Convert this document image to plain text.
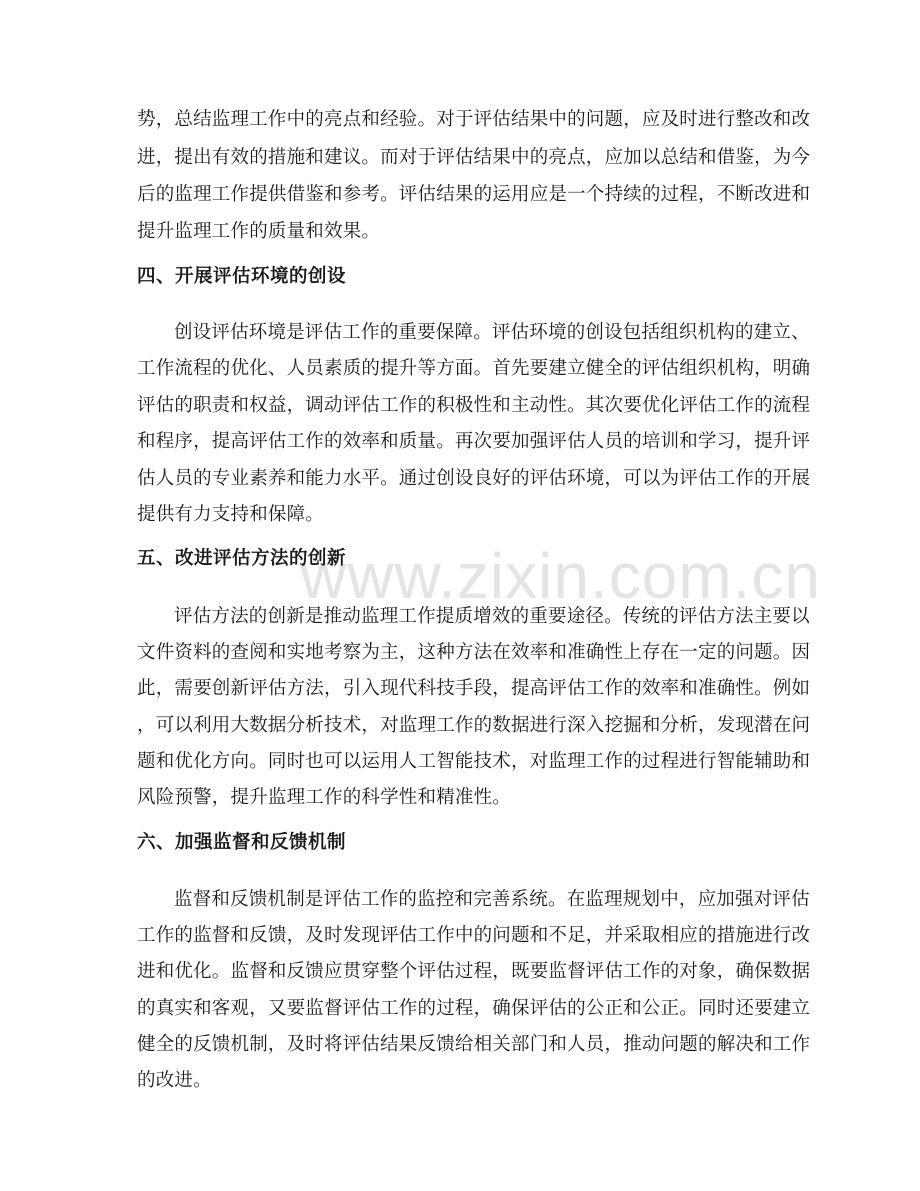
www.zixin.com.cn

势，总结监理工作中的亮点和经验。对于评估结果中的问题，应及时进行整改和改

进，提出有效的措施和建议。而对于评估结果中的亮点，应加以总结和借鉴，为今

后的监理工作提供借鉴和参考。评估结果的运用应是一个持续的过程，不断改进和

提升监理工作的质量和效果。

四、开展评估环境的创设

创设评估环境是评估工作的重要保障。评估环境的创设包括组织机构的建立、

工作流程的优化、人员素质的提升等方面。首先要建立健全的评估组织机构，明确

评估的职责和权益，调动评估工作的积极性和主动性。其次要优化评估工作的流程

和程序，提高评估工作的效率和质量。再次要加强评估人员的培训和学习，提升评

估人员的专业素养和能力水平。通过创设良好的评估环境，可以为评估工作的开展

提供有力支持和保障。

五、改进评估方法的创新

评估方法的创新是推动监理工作提质增效的重要途径。传统的评估方法主要以

文件资料的查阅和实地考察为主，这种方法在效率和准确性上存在一定的问题。因

此，需要创新评估方法，引入现代科技手段，提高评估工作的效率和准确性。例如

，可以利用大数据分析技术，对监理工作的数据进行深入挖掘和分析，发现潜在问

题和优化方向。同时也可以运用人工智能技术，对监理工作的过程进行智能辅助和

风险预警，提升监理工作的科学性和精准性。

六、加强监督和反馈机制

监督和反馈机制是评估工作的监控和完善系统。在监理规划中，应加强对评估

工作的监督和反馈，及时发现评估工作中的问题和不足，并采取相应的措施进行改

进和优化。监督和反馈应贯穿整个评估过程，既要监督评估工作的对象，确保数据

的真实和客观，又要监督评估工作的过程，确保评估的公正和公正。同时还要建立

健全的反馈机制，及时将评估结果反馈给相关部门和人员，推动问题的解决和工作

的改进。
